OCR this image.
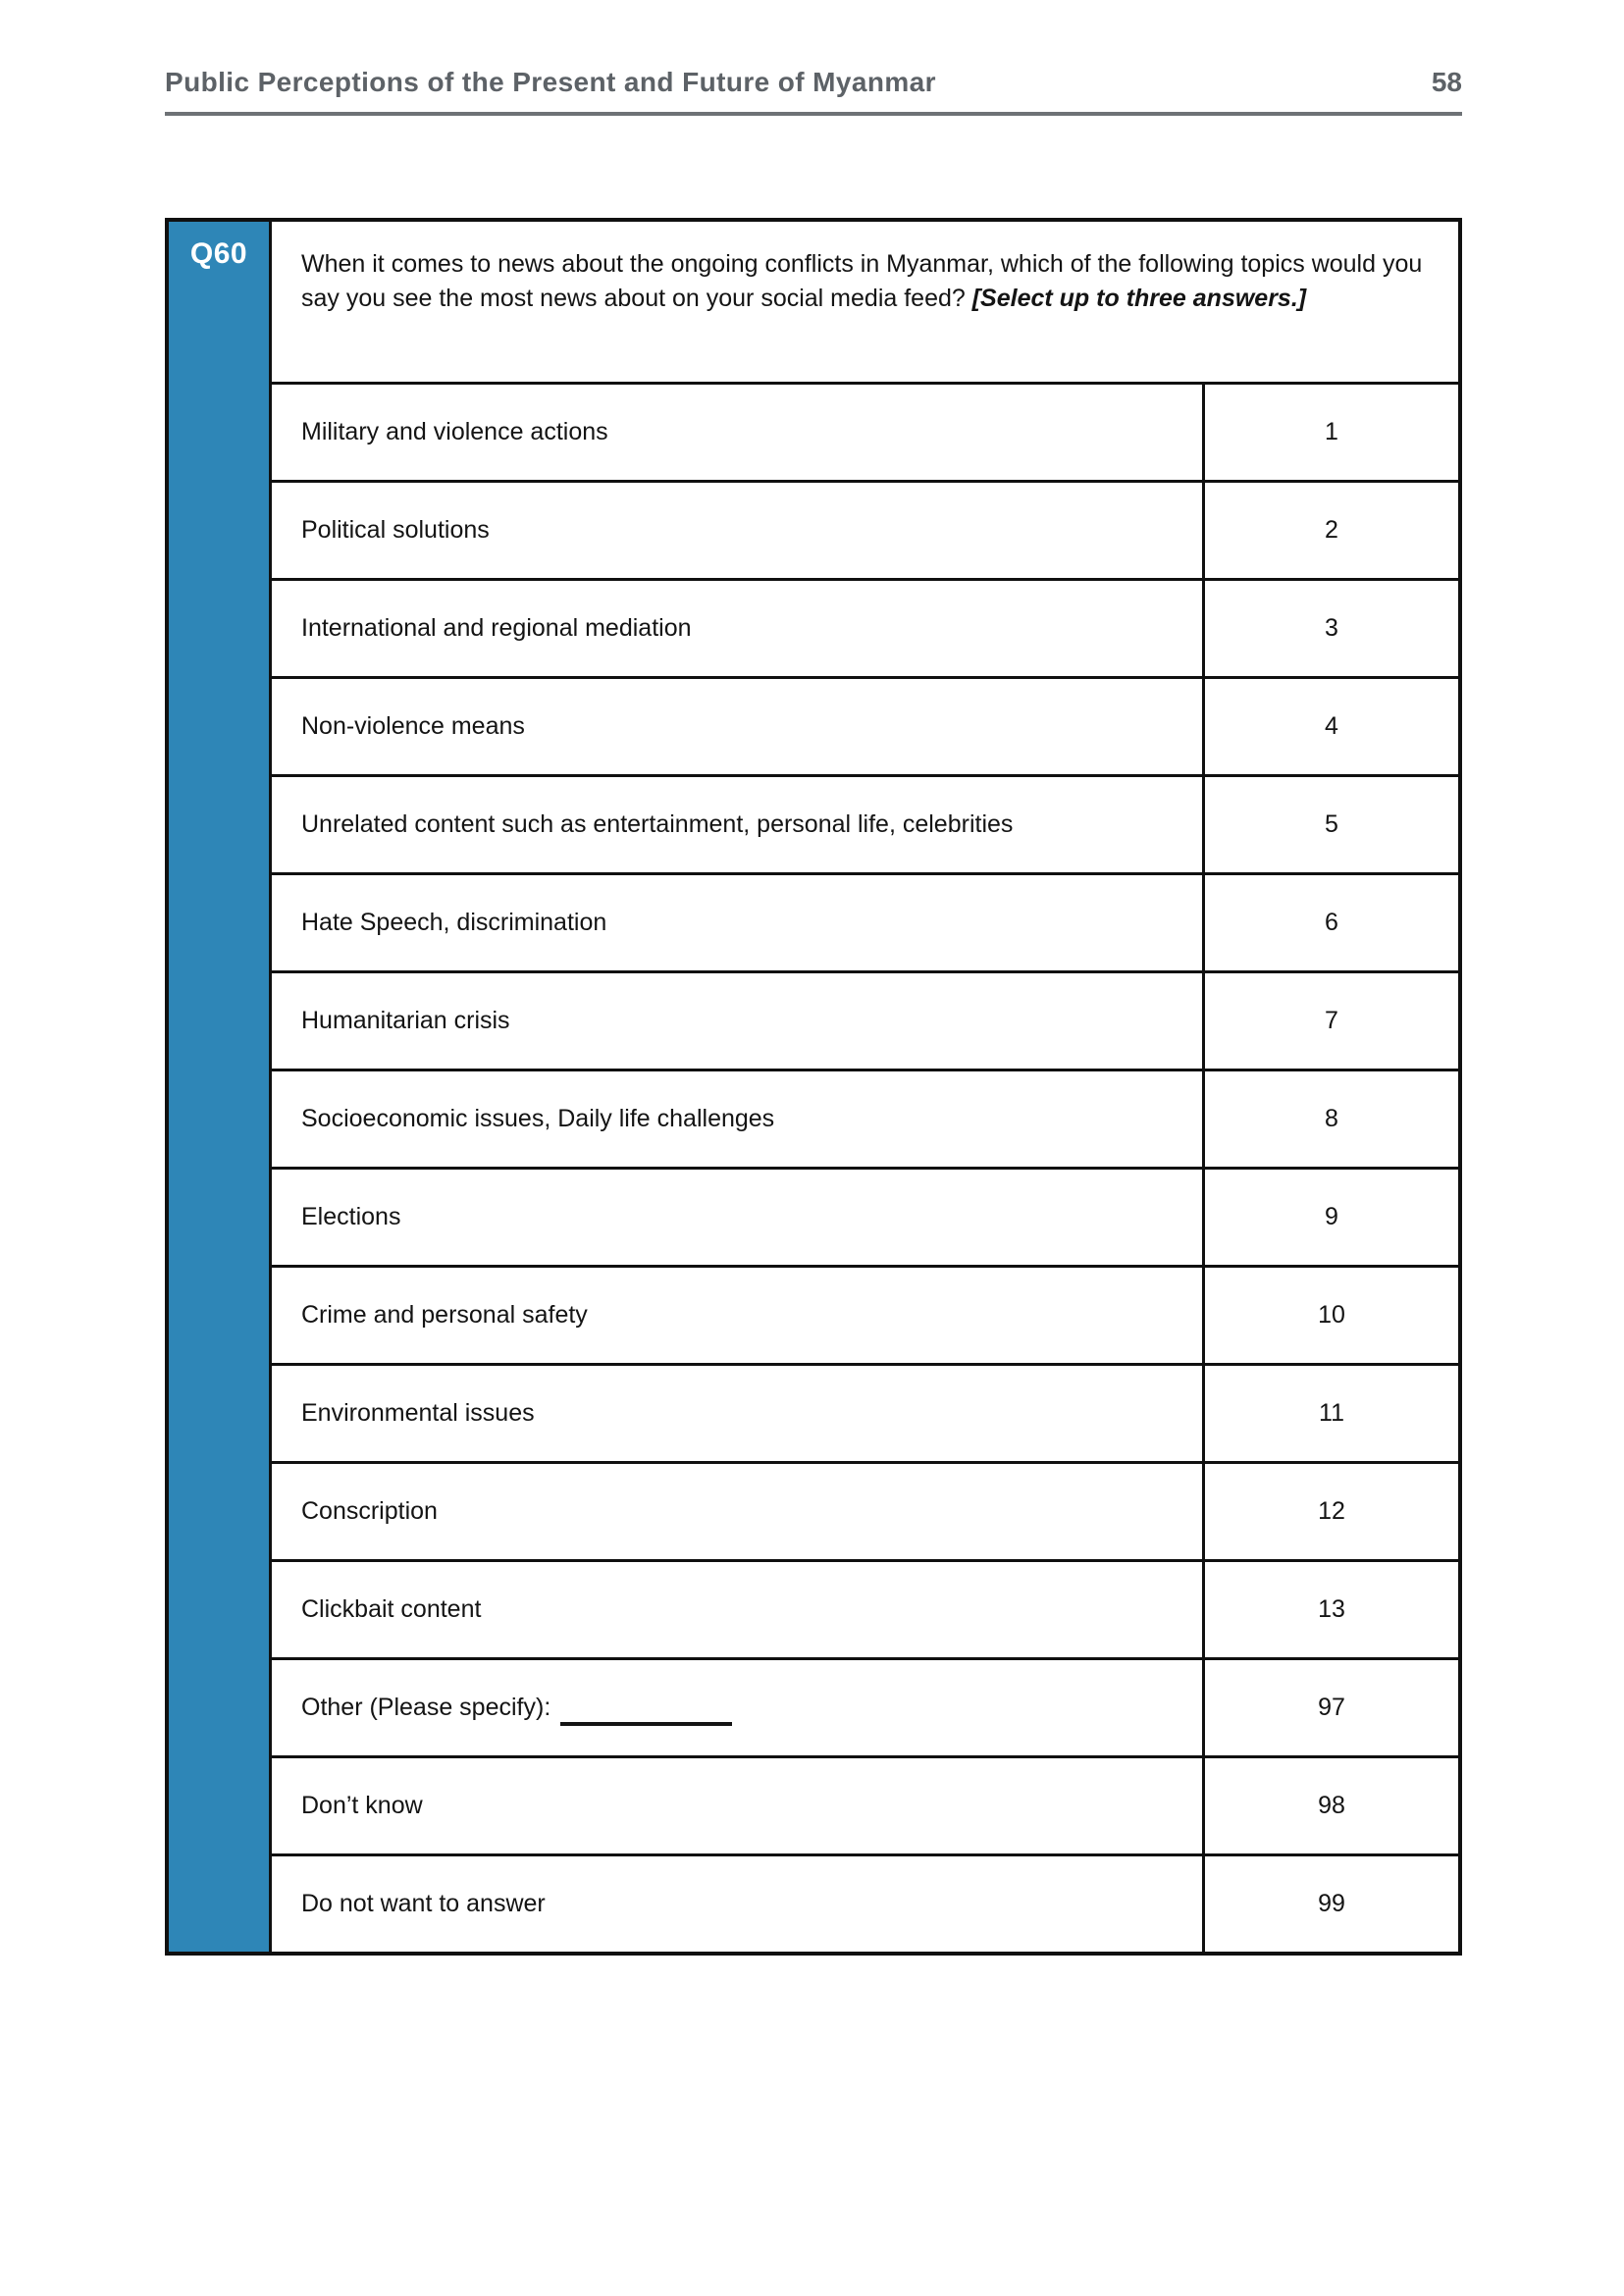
Public Perceptions of the Present and Future of Myanmar	58
Q60	When it comes to news about the ongoing conflicts in Myanmar, which of the following topics would you say you see the most news about on your social media feed? [Select up to three answers.]
Military and violence actions	1
Political solutions	2
International and regional mediation	3
Non-violence means	4
Unrelated content such as entertainment, personal life, celebrities	5
Hate Speech, discrimination	6
Humanitarian crisis	7
Socioeconomic issues, Daily life challenges	8
Elections	9
Crime and personal safety	10
Environmental issues	11
Conscription	12
Clickbait content	13
Other (Please specify):	97
Don’t know	98
Do not want to answer	99
